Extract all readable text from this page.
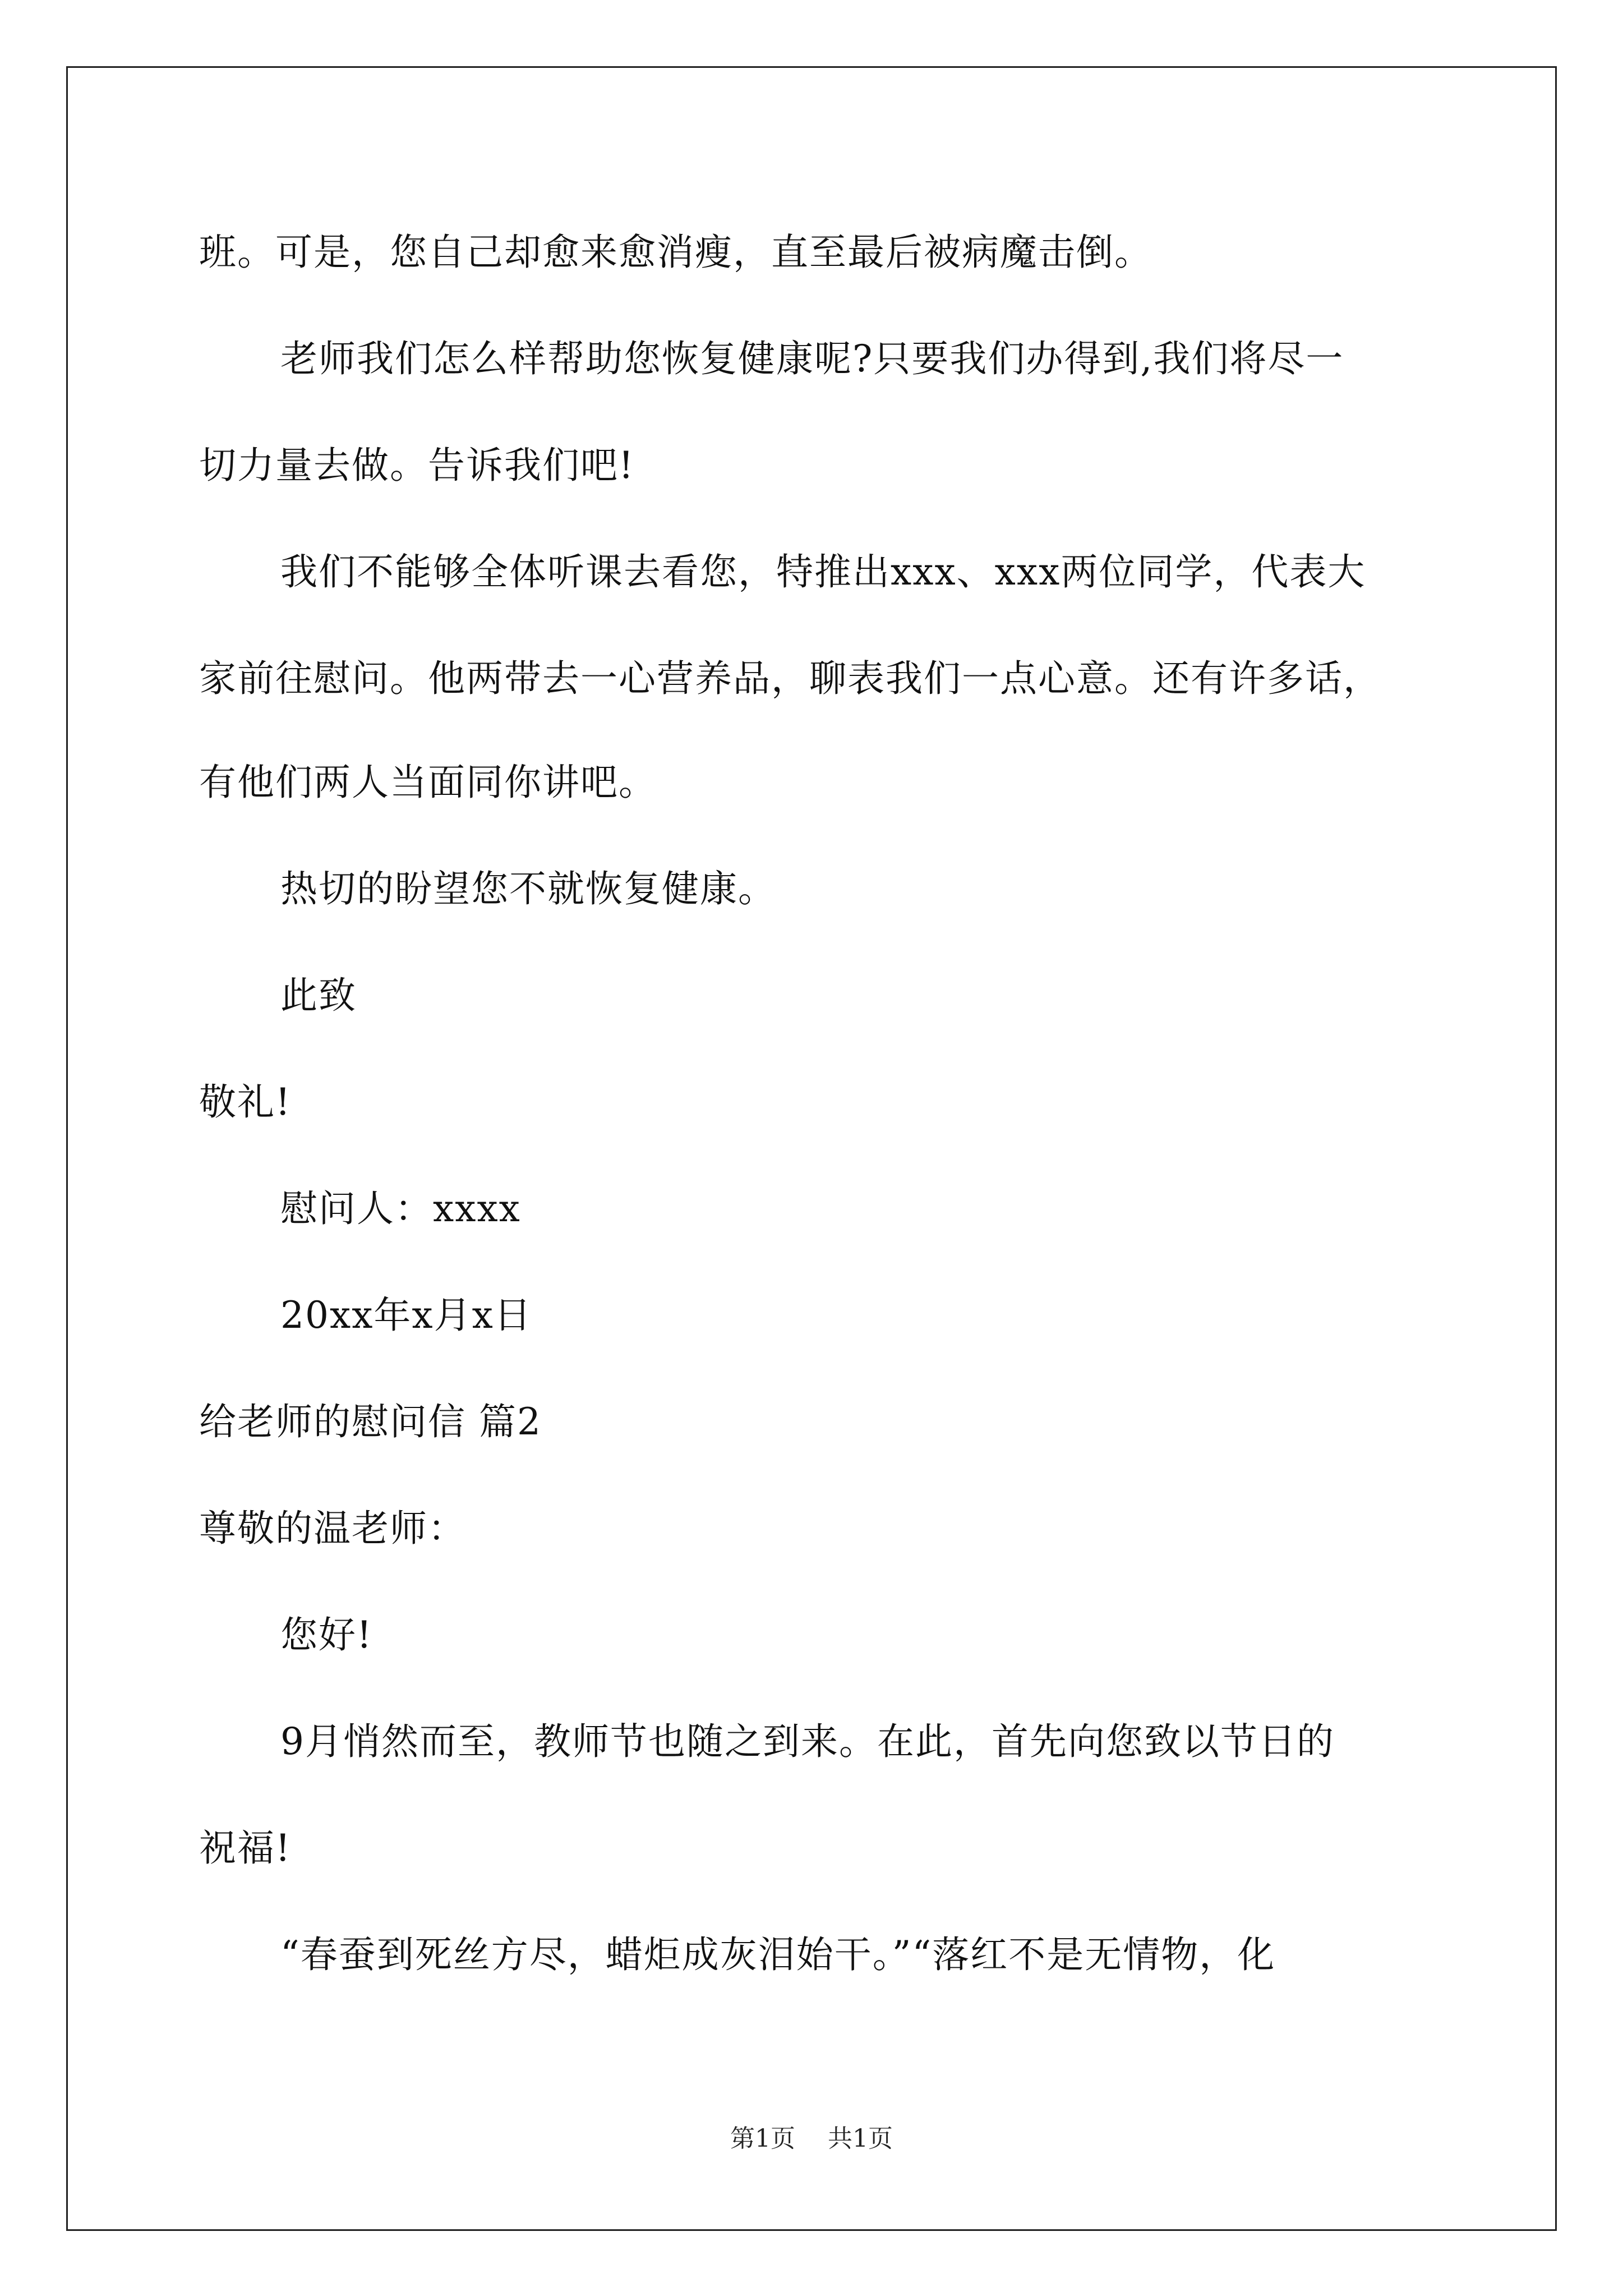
班。可是，您自己却愈来愈消瘦，直至最后被病魔击倒。
老师我们怎么样帮助您恢复健康呢?只要我们办得到,我们将尽一
切力量去做。告诉我们吧!
我们不能够全体听课去看您，特推出xxx、xxx两位同学，代表大
家前往慰问。他两带去一心营养品，聊表我们一点心意。还有许多话，
有他们两人当面同你讲吧。
热切的盼望您不就恢复健康。
此致
敬礼!
慰问人：xxxx
20xx年x月x日
给老师的慰问信 篇2
尊敬的温老师：
您好!
9月悄然而至，教师节也随之到来。在此，首先向您致以节日的
祝福!
“春蚕到死丝方尽，蜡炬成灰泪始干。”“落红不是无情物，化
第1页 共1页
